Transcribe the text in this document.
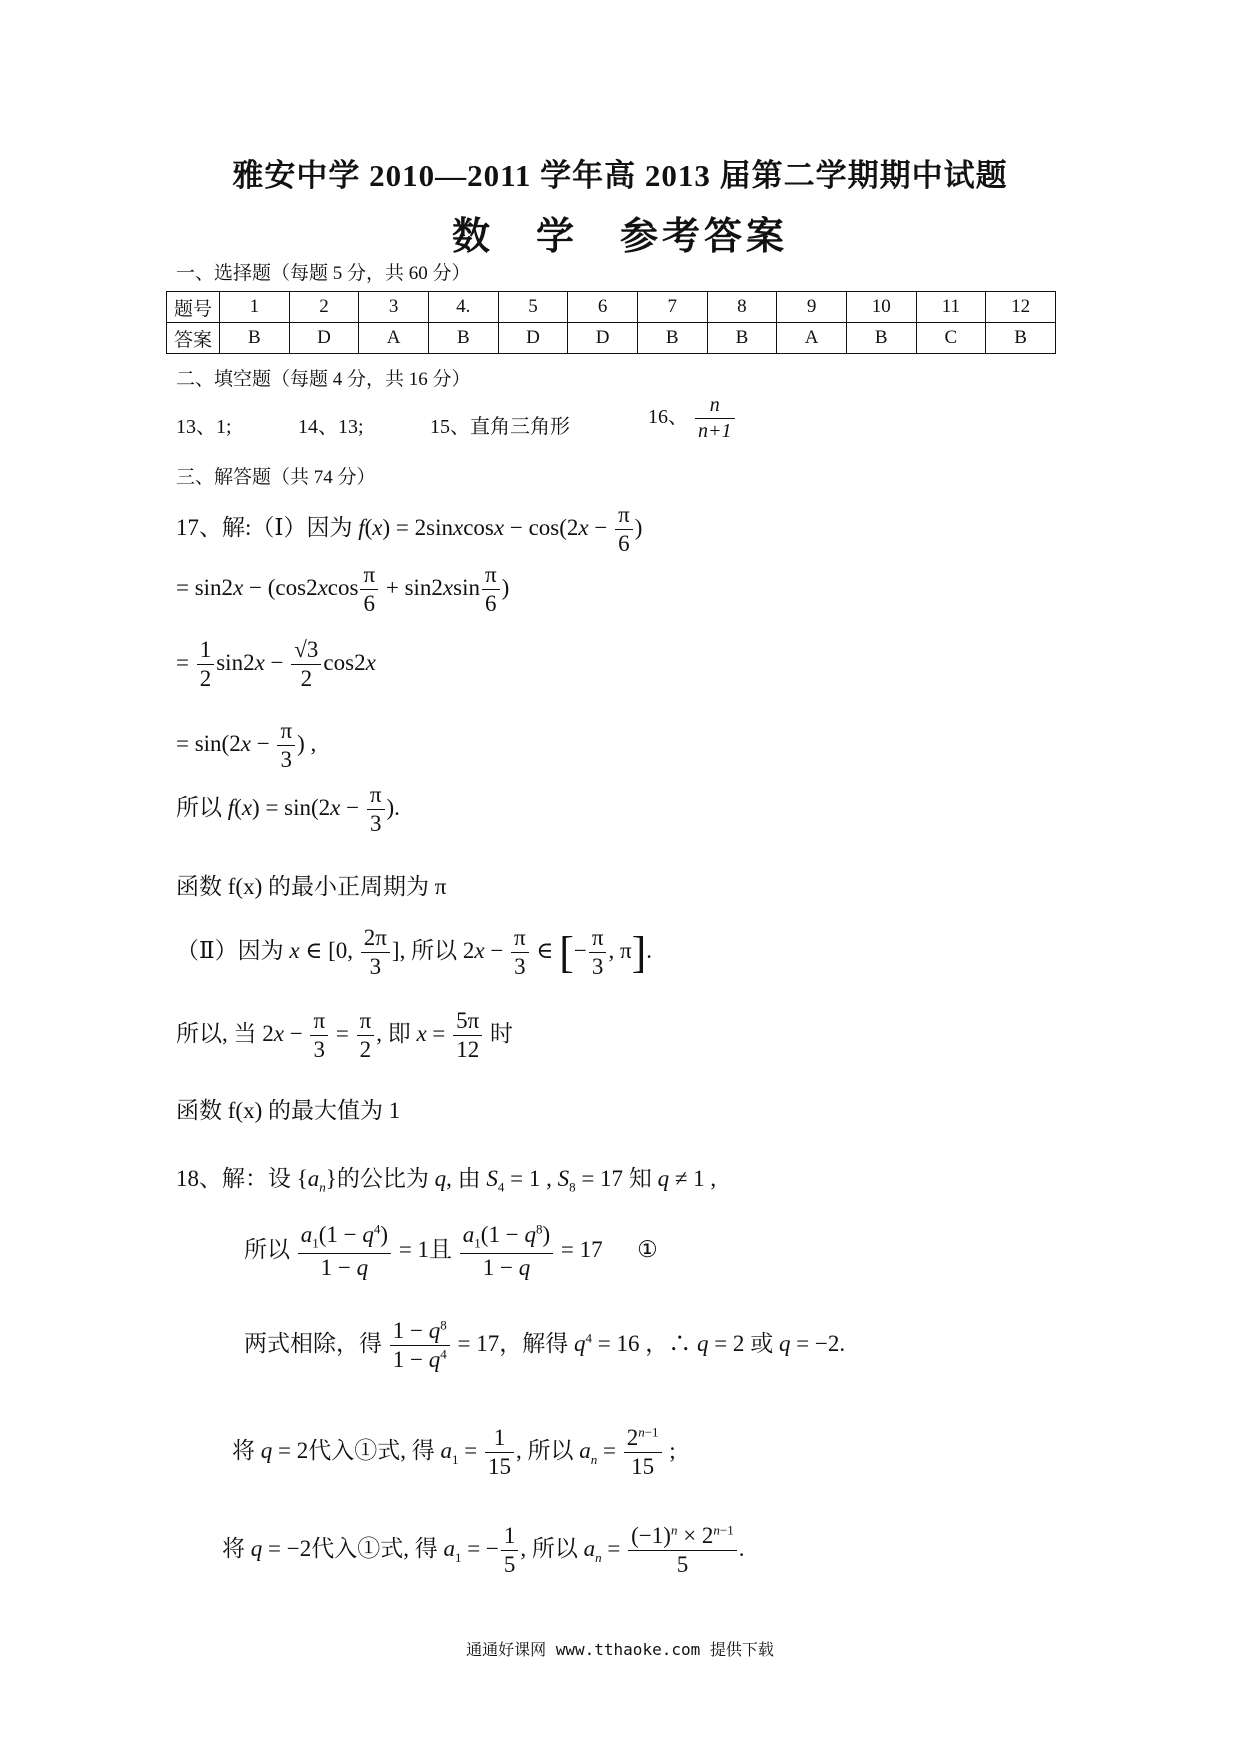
雅安中学 2010—2011 学年高 2013 届第二学期期中试题
数　学　参考答案
一、选择题（每题 5 分，共 60 分）
题号	1	2	3	4.	5	6	7	8	9	10	11	12
答案	B	D	A	B	D	D	B	B	A	B	C	B
二、填空题（每题 4 分，共 16 分）
13、1;	14、13;	15、直角三角形	16、 $\frac{n}{n+1}$
三、解答题（共 74 分）
17、解:（Ⅰ）因为 f(x) = 2sinxcosx − $\cos(2x - \frac{\pi}{6}$ )
= $\sin 2x - (\cos 2xcos \frac{\pi}{6} + \sin 2xsin \frac{\pi}{6}$ )
= $\frac{1}{2} \sin 2x - \frac{√3}{2} \cos 2x$
= $\sin(2x - \frac{\pi}{3}$ ) ,
所以 $f(x) = \sin(2x - \frac{\pi}{3}$ ).
函数 f(x) 的最小正周期为 π
（Ⅱ）因为 x ∈ [0, $\frac{2\pi}{3}$ ], 所以 $2x - \frac{\pi}{3}$ ∈ [− $\frac{\pi}{3}$ , π].
所以, 当 $2x - \frac{\pi}{3} = \frac{\pi}{2}$ , 即 $x = \frac{5\pi}{12}$ 时
函数 f(x) 的最大值为 1
18、解：设 $\{a_n\}$的公比为 q, 由 $S_4 = 1$ , $S_8 = 17$ 知 q ≠ 1 ,
所以 $\frac{a_1(1 - q^4)}{1 - q} = 1$且 $\frac{a_1(1 - q^8)}{1 - q} = 17$      ①
两式相除，得 $\frac{1 - q^8}{1 - q^4} = 17$，解得 $q^4 = 16$ ，∴ q = 2 或 q = −2.
将 q = 2代入①式, 得 $a_1 = \frac{1}{15}$ , 所以 $a_n = \frac{2^{n-1}}{15}$ ;
将 q = −2代入①式, 得 $a_1$ = − $\frac{1}{5}$ , 所以 $a_n = \frac{(-1)^n \times 2^{n-1}}{5}$ .
通通好课网 www.tthaoke.com 提供下载
